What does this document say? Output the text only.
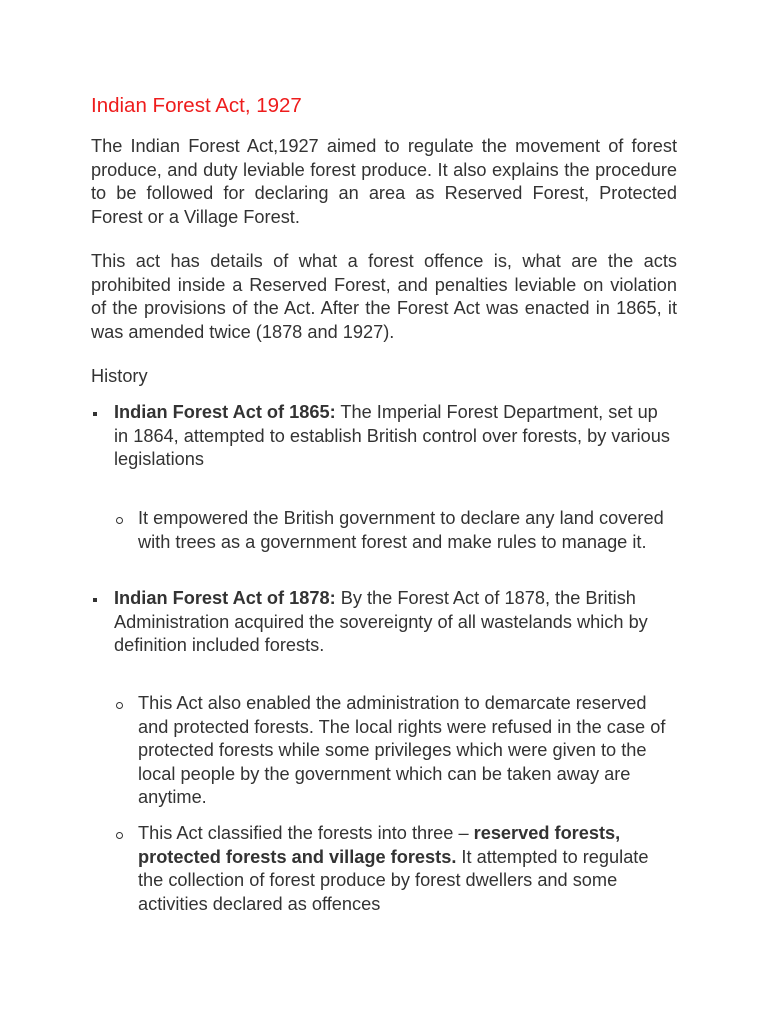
Indian Forest Act, 1927

The Indian Forest Act,1927 aimed to regulate the movement of forest produce, and duty leviable forest produce. It also explains the procedure to be followed for declaring an area as Reserved Forest, Protected Forest or a Village Forest.

This act has details of what a forest offence is, what are the acts prohibited inside a Reserved Forest, and penalties leviable on violation of the provisions of the Act. After the Forest Act was enacted in 1865, it was amended twice (1878 and 1927).

History

Indian Forest Act of 1865: The Imperial Forest Department, set up in 1864, attempted to establish British control over forests, by various legislations

It empowered the British government to declare any land covered with trees as a government forest and make rules to manage it.

Indian Forest Act of 1878: By the Forest Act of 1878, the British Administration acquired the sovereignty of all wastelands which by definition included forests.

This Act also enabled the administration to demarcate reserved and protected forests. The local rights were refused in the case of protected forests while some privileges which were given to the local people by the government which can be taken away are anytime.

This Act classified the forests into three – reserved forests, protected forests and village forests. It attempted to regulate the collection of forest produce by forest dwellers and some activities declared as offences
